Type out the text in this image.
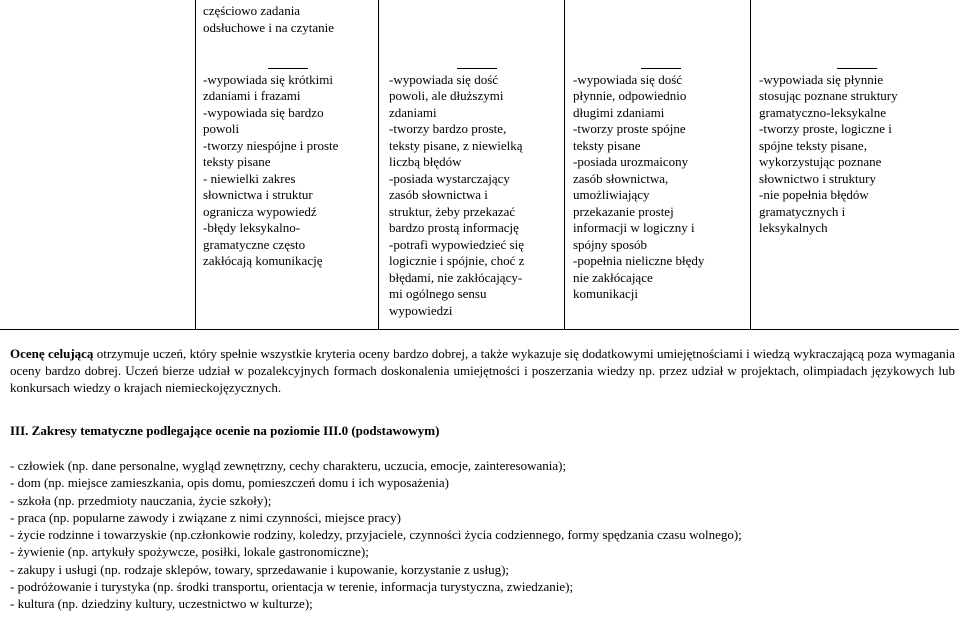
częściowo zadania
odsłuchowe i na czytanie

-wypowiada się krótkimi
zdaniami i frazami
-wypowiada się bardzo
powoli
-tworzy niespójne i proste
teksty pisane
- niewielki zakres
słownictwa i struktur
ogranicza wypowiedź
-błędy leksykalno-
gramatyczne często
zakłócają komunikację

-wypowiada się dość
powoli, ale dłuższymi
zdaniami
-tworzy bardzo proste,
teksty pisane, z niewielką
liczbą błędów
-posiada wystarczający
zasób słownictwa i
struktur, żeby przekazać
bardzo prostą informację
-potrafi wypowiedzieć się
logicznie i spójnie, choć z
błędami, nie zakłócający-
mi ogólnego sensu
wypowiedzi

-wypowiada się dość
płynnie, odpowiednio
długimi zdaniami
-tworzy proste spójne
teksty pisane
-posiada urozmaicony
zasób słownictwa,
umożliwiający
przekazanie prostej
informacji w logiczny i
spójny sposób
-popełnia nieliczne błędy
nie zakłócające
komunikacji

-wypowiada się płynnie
stosując poznane struktury
gramatyczno-leksykalne
-tworzy proste, logiczne i
spójne teksty pisane,
wykorzystując poznane
słownictwo i struktury
-nie popełnia błędów
gramatycznych i
leksykalnych

Ocenę celującą otrzymuje uczeń, który spełnie wszystkie kryteria oceny bardzo dobrej, a także wykazuje się dodatkowymi umiejętnościami i wiedzą wykraczającą poza wymagania oceny bardzo dobrej. Uczeń bierze udział w pozalekcyjnych formach doskonalenia umiejętności i poszerzania wiedzy np. przez udział w projektach, olimpiadach językowych lub konkursach wiedzy o krajach niemieckojęzycznych.
III. Zakresy tematyczne podlegające ocenie na poziomie III.0 (podstawowym)
- człowiek (np. dane personalne, wygląd zewnętrzny, cechy charakteru, uczucia, emocje, zainteresowania);
- dom (np. miejsce zamieszkania, opis domu, pomieszczeń domu i ich wyposażenia)
- szkoła (np. przedmioty nauczania, życie szkoły);
- praca (np. popularne zawody i związane z nimi czynności, miejsce pracy)
- życie rodzinne i towarzyskie (np.członkowie rodziny, koledzy, przyjaciele, czynności życia codziennego, formy spędzania czasu wolnego);
- żywienie (np. artykuły spożywcze, posiłki, lokale gastronomiczne);
- zakupy i usługi (np. rodzaje sklepów, towary, sprzedawanie i kupowanie, korzystanie z usług);
- podróżowanie i turystyka (np. środki transportu, orientacja w terenie, informacja turystyczna, zwiedzanie);
- kultura (np. dziedziny kultury, uczestnictwo w kulturze);
